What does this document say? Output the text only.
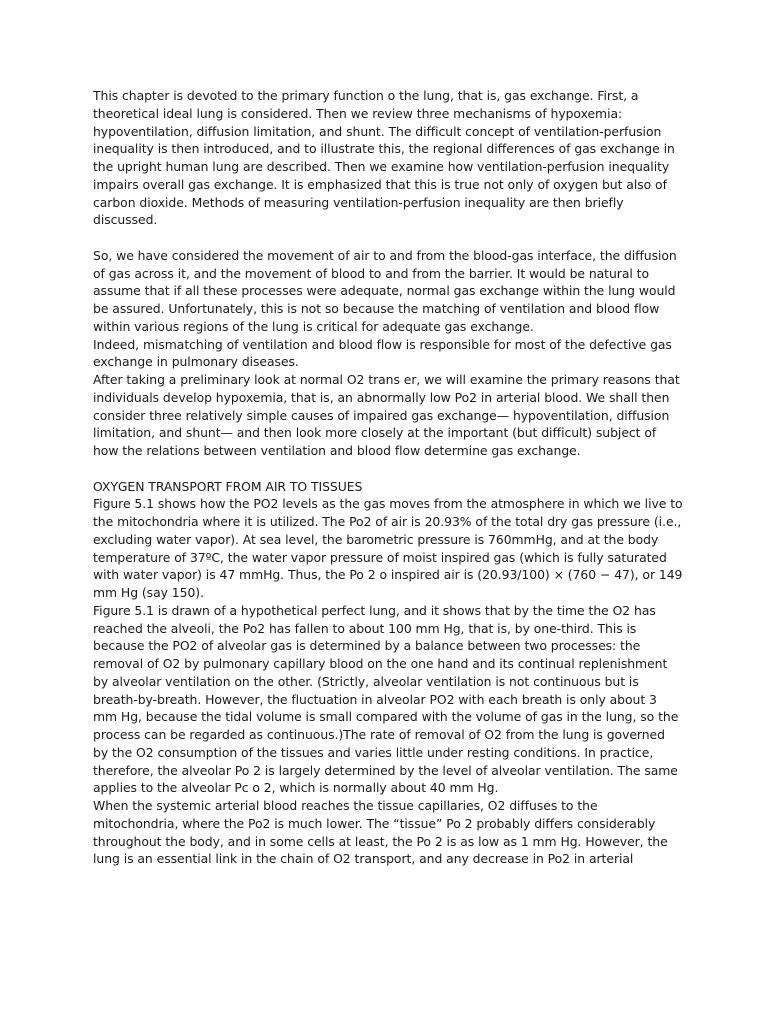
This chapter is devoted to the primary function o the lung, that is, gas exchange. First, a theoretical ideal lung is considered. Then we review three mechanisms of hypoxemia: hypoventilation, diffusion limitation, and shunt. The difficult concept of ventilation-perfusion inequality is then introduced, and to illustrate this, the regional differences of gas exchange in the upright human lung are described. Then we examine how ventilation-perfusion inequality impairs overall gas exchange. It is emphasized that this is true not only of oxygen but also of carbon dioxide. Methods of measuring ventilation-perfusion inequality are then briefly discussed.

So, we have considered the movement of air to and from the blood-gas interface, the diffusion of gas across it, and the movement of blood to and from the barrier. It would be natural to assume that if all these processes were adequate, normal gas exchange within the lung would be assured. Unfortunately, this is not so because the matching of ventilation and blood flow within various regions of the lung is critical for adequate gas exchange.

Indeed, mismatching of ventilation and blood flow is responsible for most of the defective gas exchange in pulmonary diseases.

After taking a preliminary look at normal O2 trans er, we will examine the primary reasons that individuals develop hypoxemia, that is, an abnormally low Po2 in arterial blood. We shall then consider three relatively simple causes of impaired gas exchange— hypoventilation, diffusion limitation, and shunt— and then look more closely at the important (but difficult) subject of how the relations between ventilation and blood flow determine gas exchange.

OXYGEN TRANSPORT FROM AIR TO TISSUES

Figure 5.1 shows how the PO2 levels as the gas moves from the atmosphere in which we live to the mitochondria where it is utilized. The Po2 of air is 20.93% of the total dry gas pressure (i.e., excluding water vapor). At sea level, the barometric pressure is 760mmHg, and at the body temperature of 37ºC, the water vapor pressure of moist inspired gas (which is fully saturated with water vapor) is 47 mmHg. Thus, the Po 2 o inspired air is (20.93/100) × (760 − 47), or 149 mm Hg (say 150).

Figure 5.1 is drawn of a hypothetical perfect lung, and it shows that by the time the O2 has reached the alveoli, the Po2 has fallen to about 100 mm Hg, that is, by one-third. This is because the PO2 of alveolar gas is determined by a balance between two processes: the removal of O2 by pulmonary capillary blood on the one hand and its continual replenishment by alveolar ventilation on the other. (Strictly, alveolar ventilation is not continuous but is breath-by-breath. However, the fluctuation in alveolar PO2 with each breath is only about 3 mm Hg, because the tidal volume is small compared with the volume of gas in the lung, so the process can be regarded as continuous.)The rate of removal of O2 from the lung is governed by the O2 consumption of the tissues and varies little under resting conditions. In practice, therefore, the alveolar Po 2 is largely determined by the level of alveolar ventilation. The same applies to the alveolar Pc o 2, which is normally about 40 mm Hg.

When the systemic arterial blood reaches the tissue capillaries, O2 diffuses to the mitochondria, where the Po2 is much lower. The “tissue” Po 2 probably differs considerably throughout the body, and in some cells at least, the Po 2 is as low as 1 mm Hg. However, the lung is an essential link in the chain of O2 transport, and any decrease in Po2 in arterial
